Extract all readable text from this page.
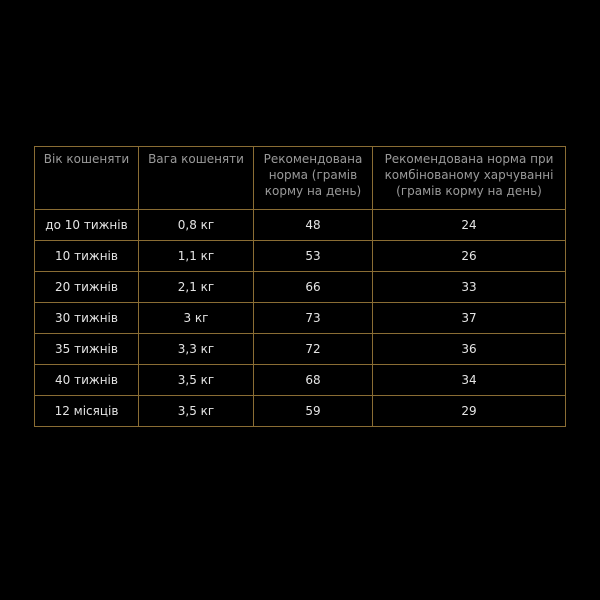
Вік кошеняти	Вага кошеняти	Рекомендована норма (грамів корму на день)	Рекомендована норма при комбінованому харчуванні (грамів корму на день)
до 10 тижнів	0,8 кг	48	24
10 тижнів	1,1 кг	53	26
20 тижнів	2,1 кг	66	33
30 тижнів	3 кг	73	37
35 тижнів	3,3 кг	72	36
40 тижнів	3,5 кг	68	34
12 місяців	3,5 кг	59	29
